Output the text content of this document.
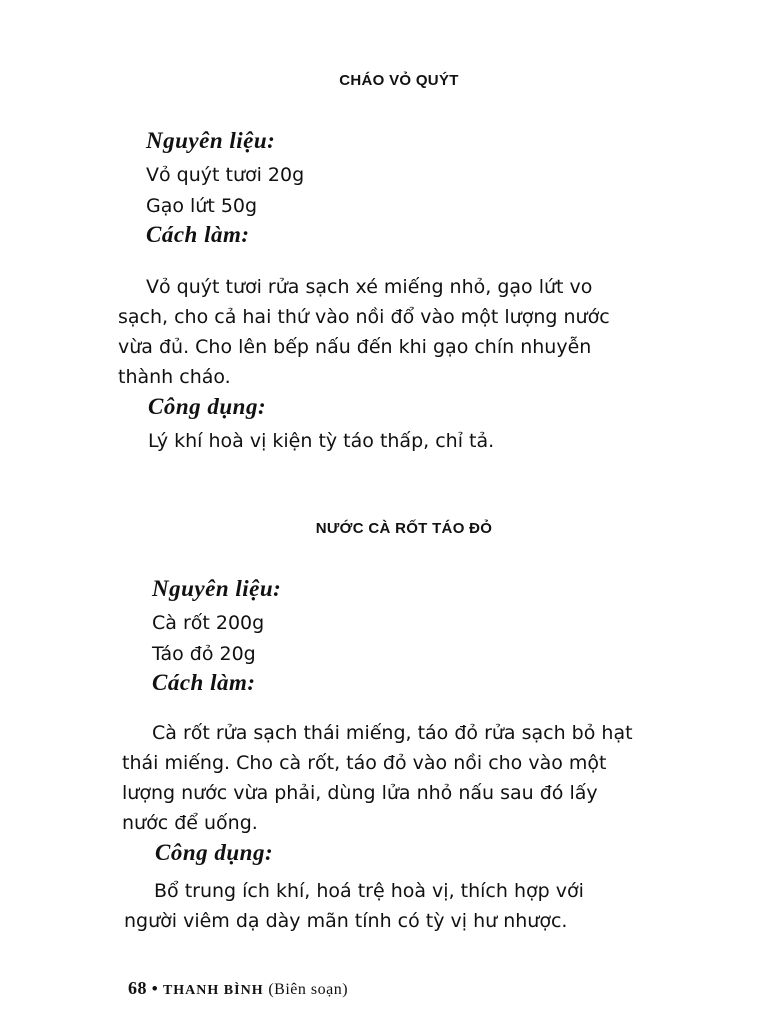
CHÁO VỎ QUÝT

Nguyên liệu:

Vỏ quýt tươi 20g

Gạo lứt 50g

Cách làm:

Vỏ quýt tươi rửa sạch xé miếng nhỏ, gạo lứt vo

sạch, cho cả hai thứ vào nồi đổ vào một lượng nước

vừa đủ. Cho lên bếp nấu đến khi gạo chín nhuyễn

thành cháo.

Công dụng:

Lý khí hoà vị kiện tỳ táo thấp, chỉ tả.

NƯỚC CÀ RỐT TÁO ĐỎ

Nguyên liệu:

Cà rốt 200g

Táo đỏ 20g

Cách làm:

Cà rốt rửa sạch thái miếng, táo đỏ rửa sạch bỏ hạt

thái miếng. Cho cà rốt, táo đỏ vào nồi cho vào một

lượng nước vừa phải, dùng lửa nhỏ nấu sau đó lấy

nước để uống.

Công dụng:

Bổ trung ích khí, hoá trệ hoà vị, thích hợp với

người viêm dạ dày mãn tính có tỳ vị hư nhược.

68 • THANH BÌNH (Biên soạn)
